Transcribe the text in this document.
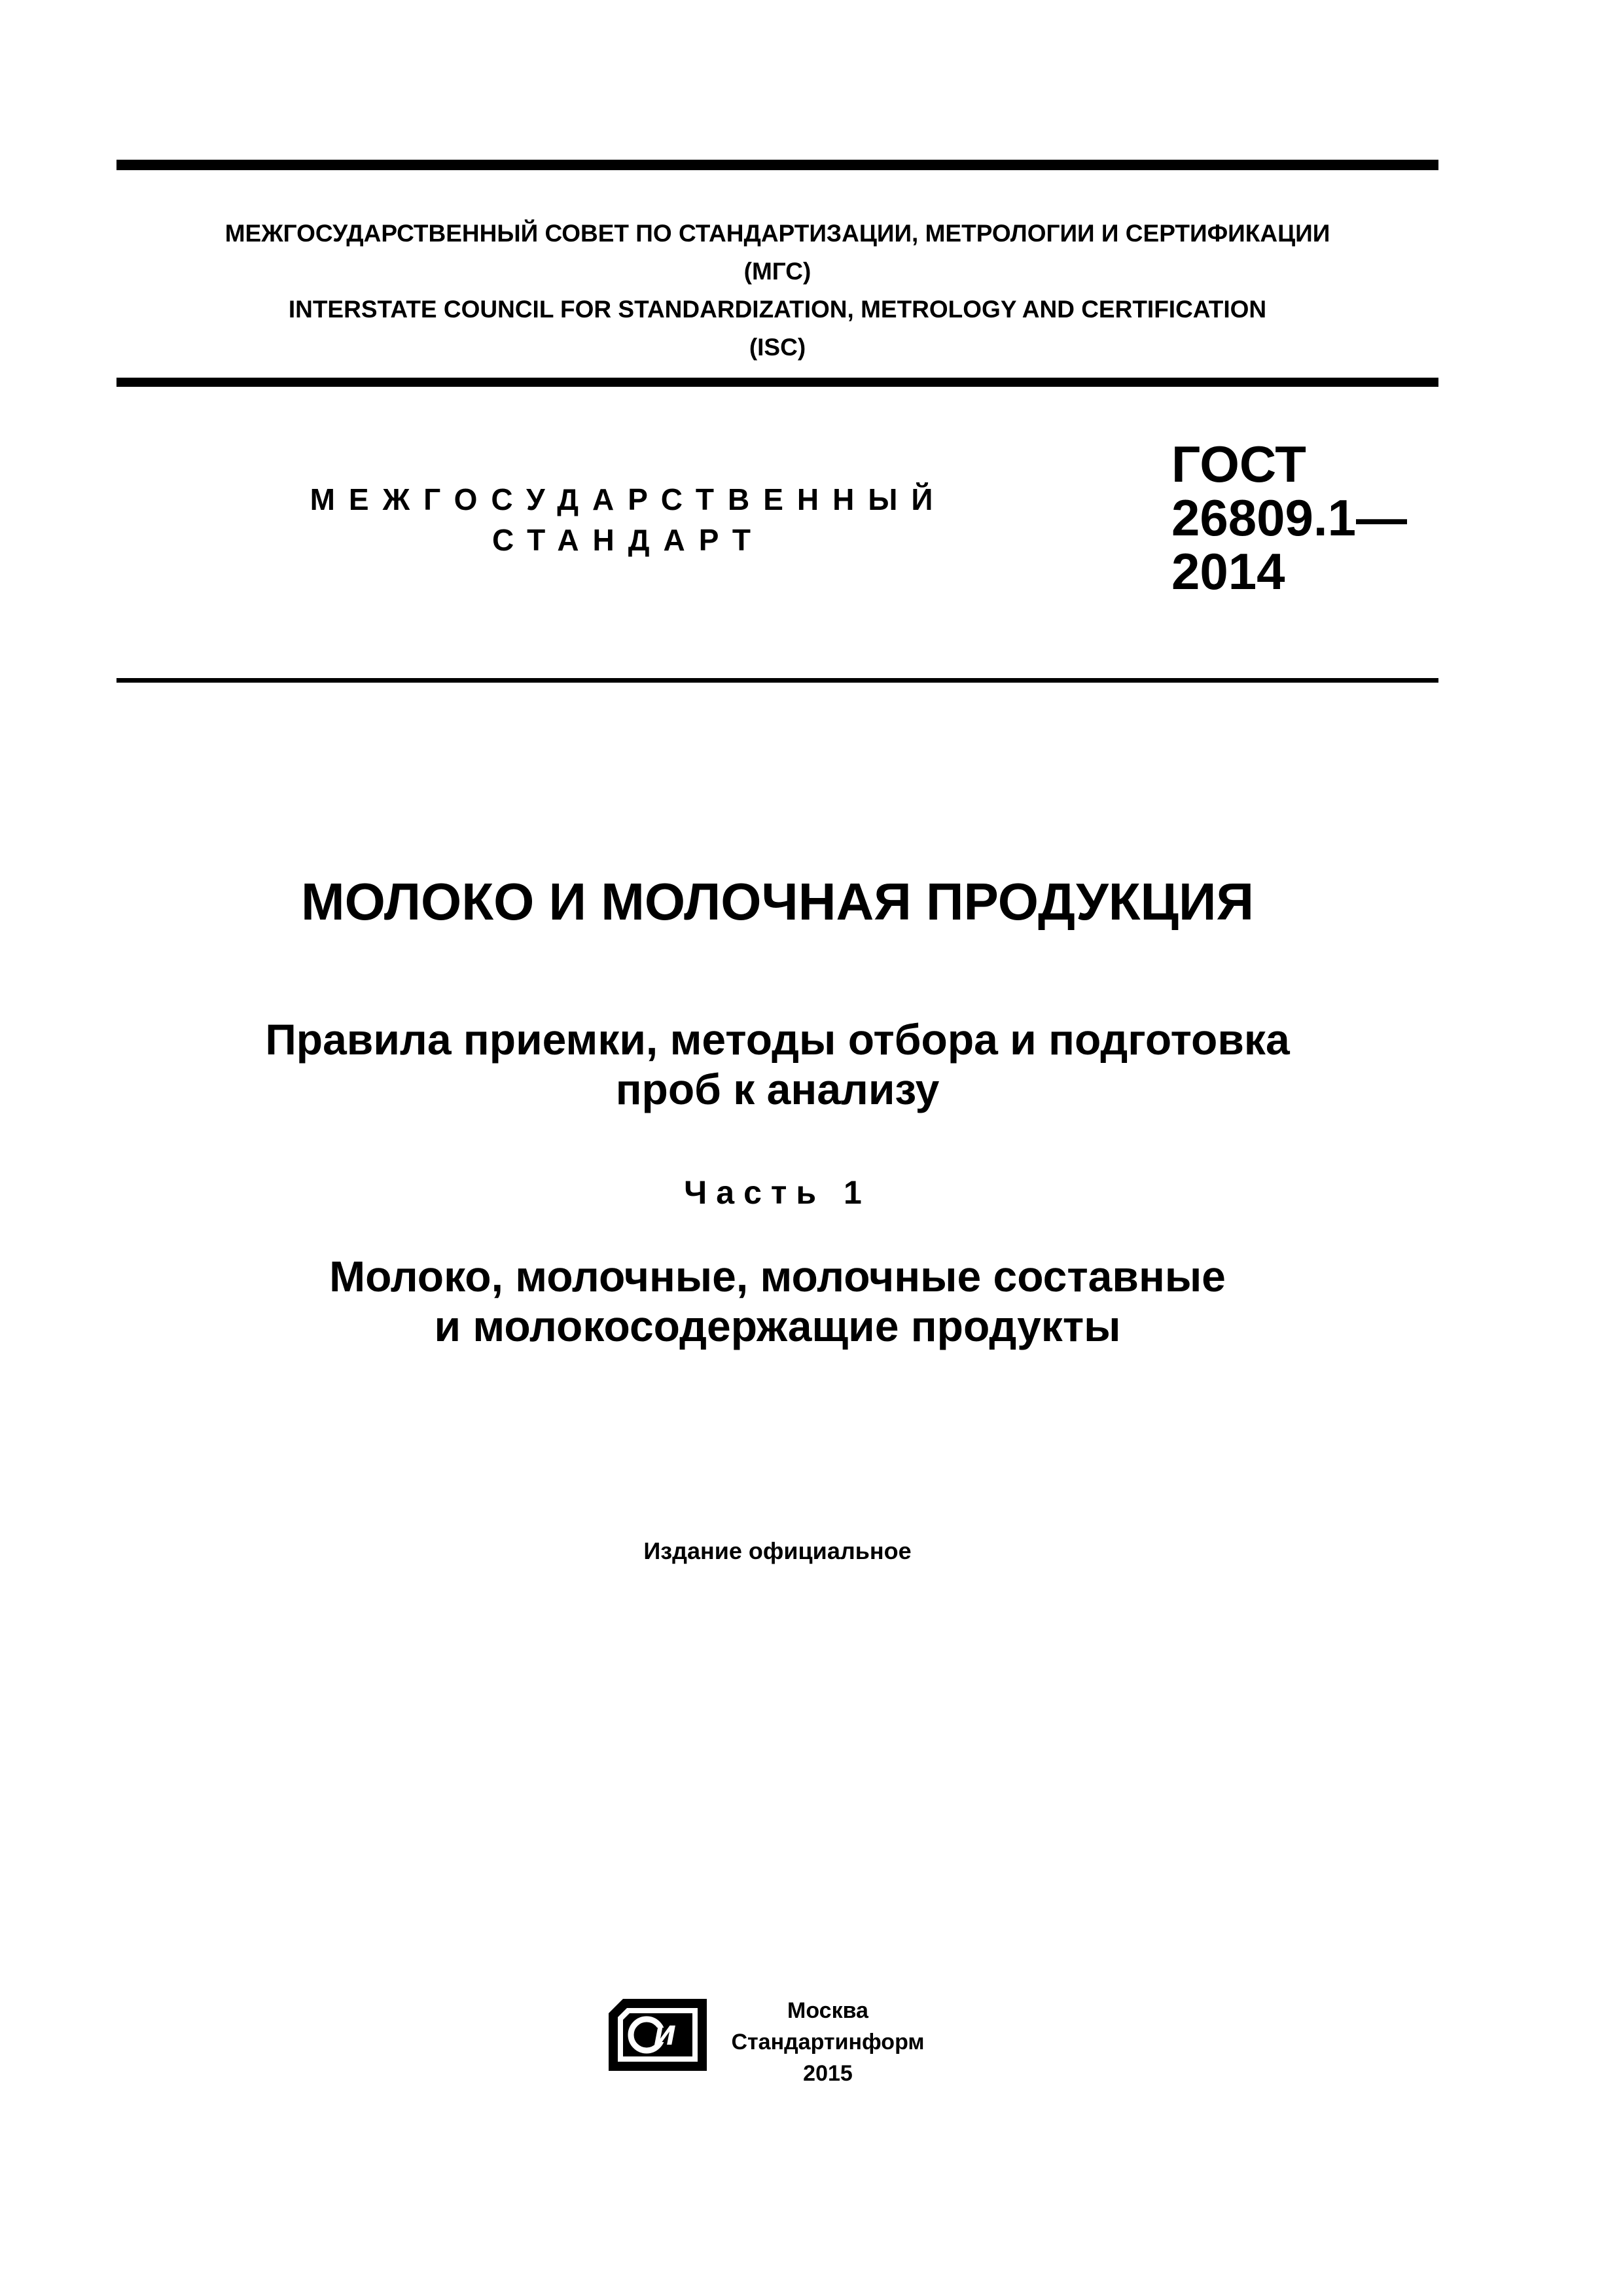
МЕЖГОСУДАРСТВЕННЫЙ СОВЕТ ПО СТАНДАРТИЗАЦИИ, МЕТРОЛОГИИ И СЕРТИФИКАЦИИ
(МГС)
INTERSTATE COUNCIL FOR STANDARDIZATION, METROLOGY AND CERTIFICATION
(ISC)
МЕЖГОСУДАРСТВЕННЫЙ
СТАНДАРТ
ГОСТ
26809.1—
2014
МОЛОКО И МОЛОЧНАЯ ПРОДУКЦИЯ
Правила приемки, методы отбора и подготовка
проб к анализу
Часть 1
Молоко, молочные, молочные составные
и молокосодержащие продукты
Издание официальное
И
Москва
Стандартинформ
2015
